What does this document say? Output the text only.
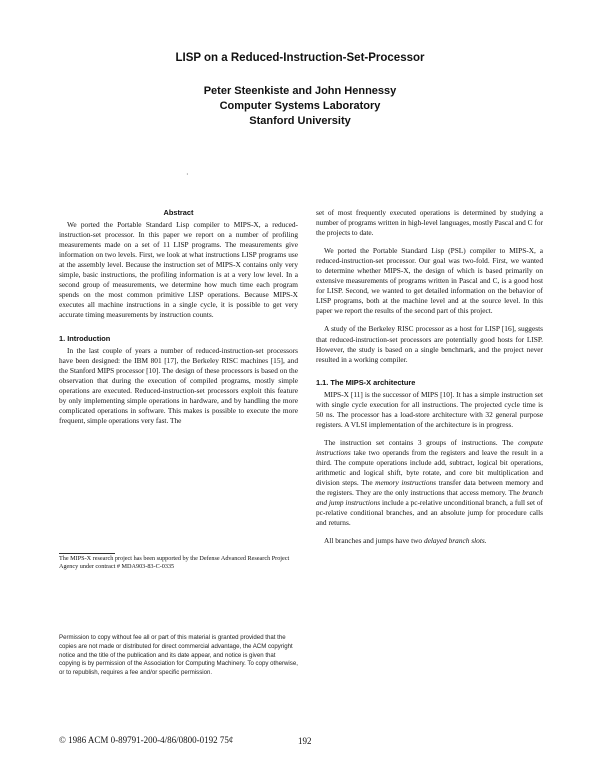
LISP on a Reduced-Instruction-Set-Processor
Peter Steenkiste and John Hennessy
Computer Systems Laboratory
Stanford University
·

Abstract

We ported the Portable Standard Lisp compiler to MIPS-X, a reduced-instruction-set processor. In this paper we report on a number of profiling measurements made on a set of 11 LISP programs. The measurements give information on two levels. First, we look at what instructions LISP programs use at the assembly level. Because the instruction set of MIPS-X contains only very simple, basic instructions, the profiling information is at a very low level. In a second group of measurements, we determine how much time each program spends on the most common primitive LISP operations. Because MIPS-X executes all machine instructions in a single cycle, it is possible to get very accurate timing measurements by instruction counts.

1. Introduction

In the last couple of years a number of reduced-instruction-set processors have been designed: the IBM 801 [17], the Berkeley RISC machines [15], and the Stanford MIPS processor [10]. The design of these processors is based on the observation that during the execution of compiled programs, mostly simple operations are executed. Reduced-instruction-set processors exploit this feature by only implementing simple operations in hardware, and by handling the more complicated operations in software. This makes is possible to execute the more frequent, simple operations very fast. The

The MIPS-X research project has been supported by the Defense Advanced Research Project Agency under contract # MDA903-83-C-0335
Permission to copy without fee all or part of this material is granted provided that the copies are not made or distributed for direct commercial advantage, the ACM copyright notice and the title of the publication and its date appear, and notice is given that copying is by permission of the Association for Computing Machinery. To copy otherwise, or to republish, requires a fee and/or specific permission.

set of most frequently executed operations is determined by studying a number of programs written in high-level languages, mostly Pascal and C for the projects to date.

We ported the Portable Standard Lisp (PSL) compiler to MIPS-X, a reduced-instruction-set processor. Our goal was two-fold. First, we wanted to determine whether MIPS-X, the design of which is based primarily on extensive measurements of programs written in Pascal and C, is a good host for LISP. Second, we wanted to get detailed information on the behavior of LISP programs, both at the machine level and at the source level. In this paper we report the results of the second part of this project.

A study of the Berkeley RISC processor as a host for LISP [16], suggests that reduced-instruction-set processors are potentially good hosts for LISP. However, the study is based on a single benchmark, and the project never resulted in a working compiler.

1.1. The MIPS-X architecture

MIPS-X [11] is the successor of MIPS [10]. It has a simple instruction set with single cycle execution for all instructions. The projected cycle time is 50 ns. The processor has a load-store architecture with 32 general purpose registers. A VLSI implementation of the architecture is in progress.

The instruction set contains 3 groups of instructions. The compute instructions take two operands from the registers and leave the result in a third. The compute operations include add, subtract, logical bit operations, arithmetic and logical shift, byte rotate, and core bit multiplication and division steps. The memory instructions transfer data between memory and the registers. They are the only instructions that access memory. The branch and jump instructions include a pc-relative unconditional branch, a full set of pc-relative conditional branches, and an absolute jump for procedure calls and returns.

All branches and jumps have two delayed branch slots.

© 1986 ACM 0-89791-200-4/86/0800-0192 75¢	192
